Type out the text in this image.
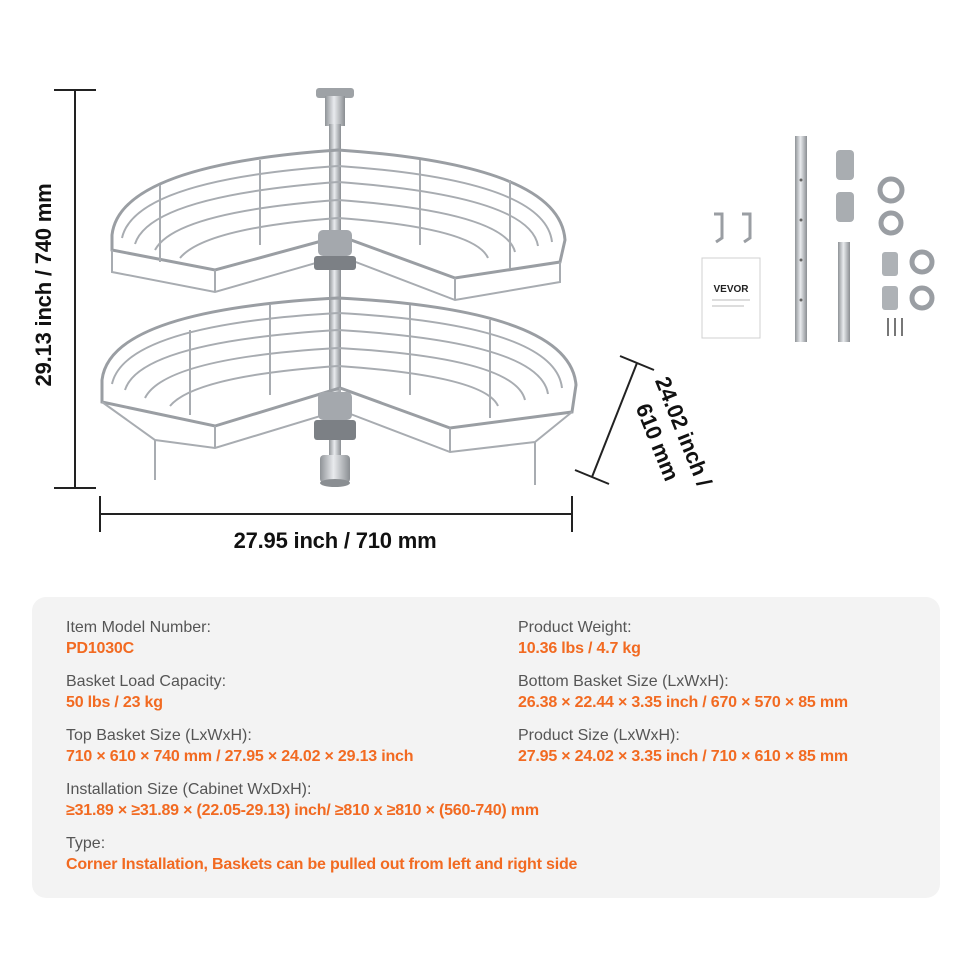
VEVOR
29.13 inch / 740 mm
27.95 inch / 710 mm
24.02 inch /
610 mm
Item Model Number:
PD1030C
Product Weight:
10.36 lbs / 4.7 kg
Basket Load Capacity:
50 lbs / 23 kg
Bottom Basket Size (LxWxH):
26.38 × 22.44 × 3.35 inch / 670 × 570 × 85 mm
Top Basket Size (LxWxH):
710 × 610 × 740 mm / 27.95 × 24.02 × 29.13 inch
Product Size (LxWxH):
27.95 × 24.02 × 3.35 inch / 710 × 610 × 85 mm
Installation Size (Cabinet WxDxH):
≥31.89 × ≥31.89 × (22.05-29.13) inch/ ≥810 x ≥810 × (560-740) mm
Type:
Corner Installation, Baskets can be pulled out from left and right side
